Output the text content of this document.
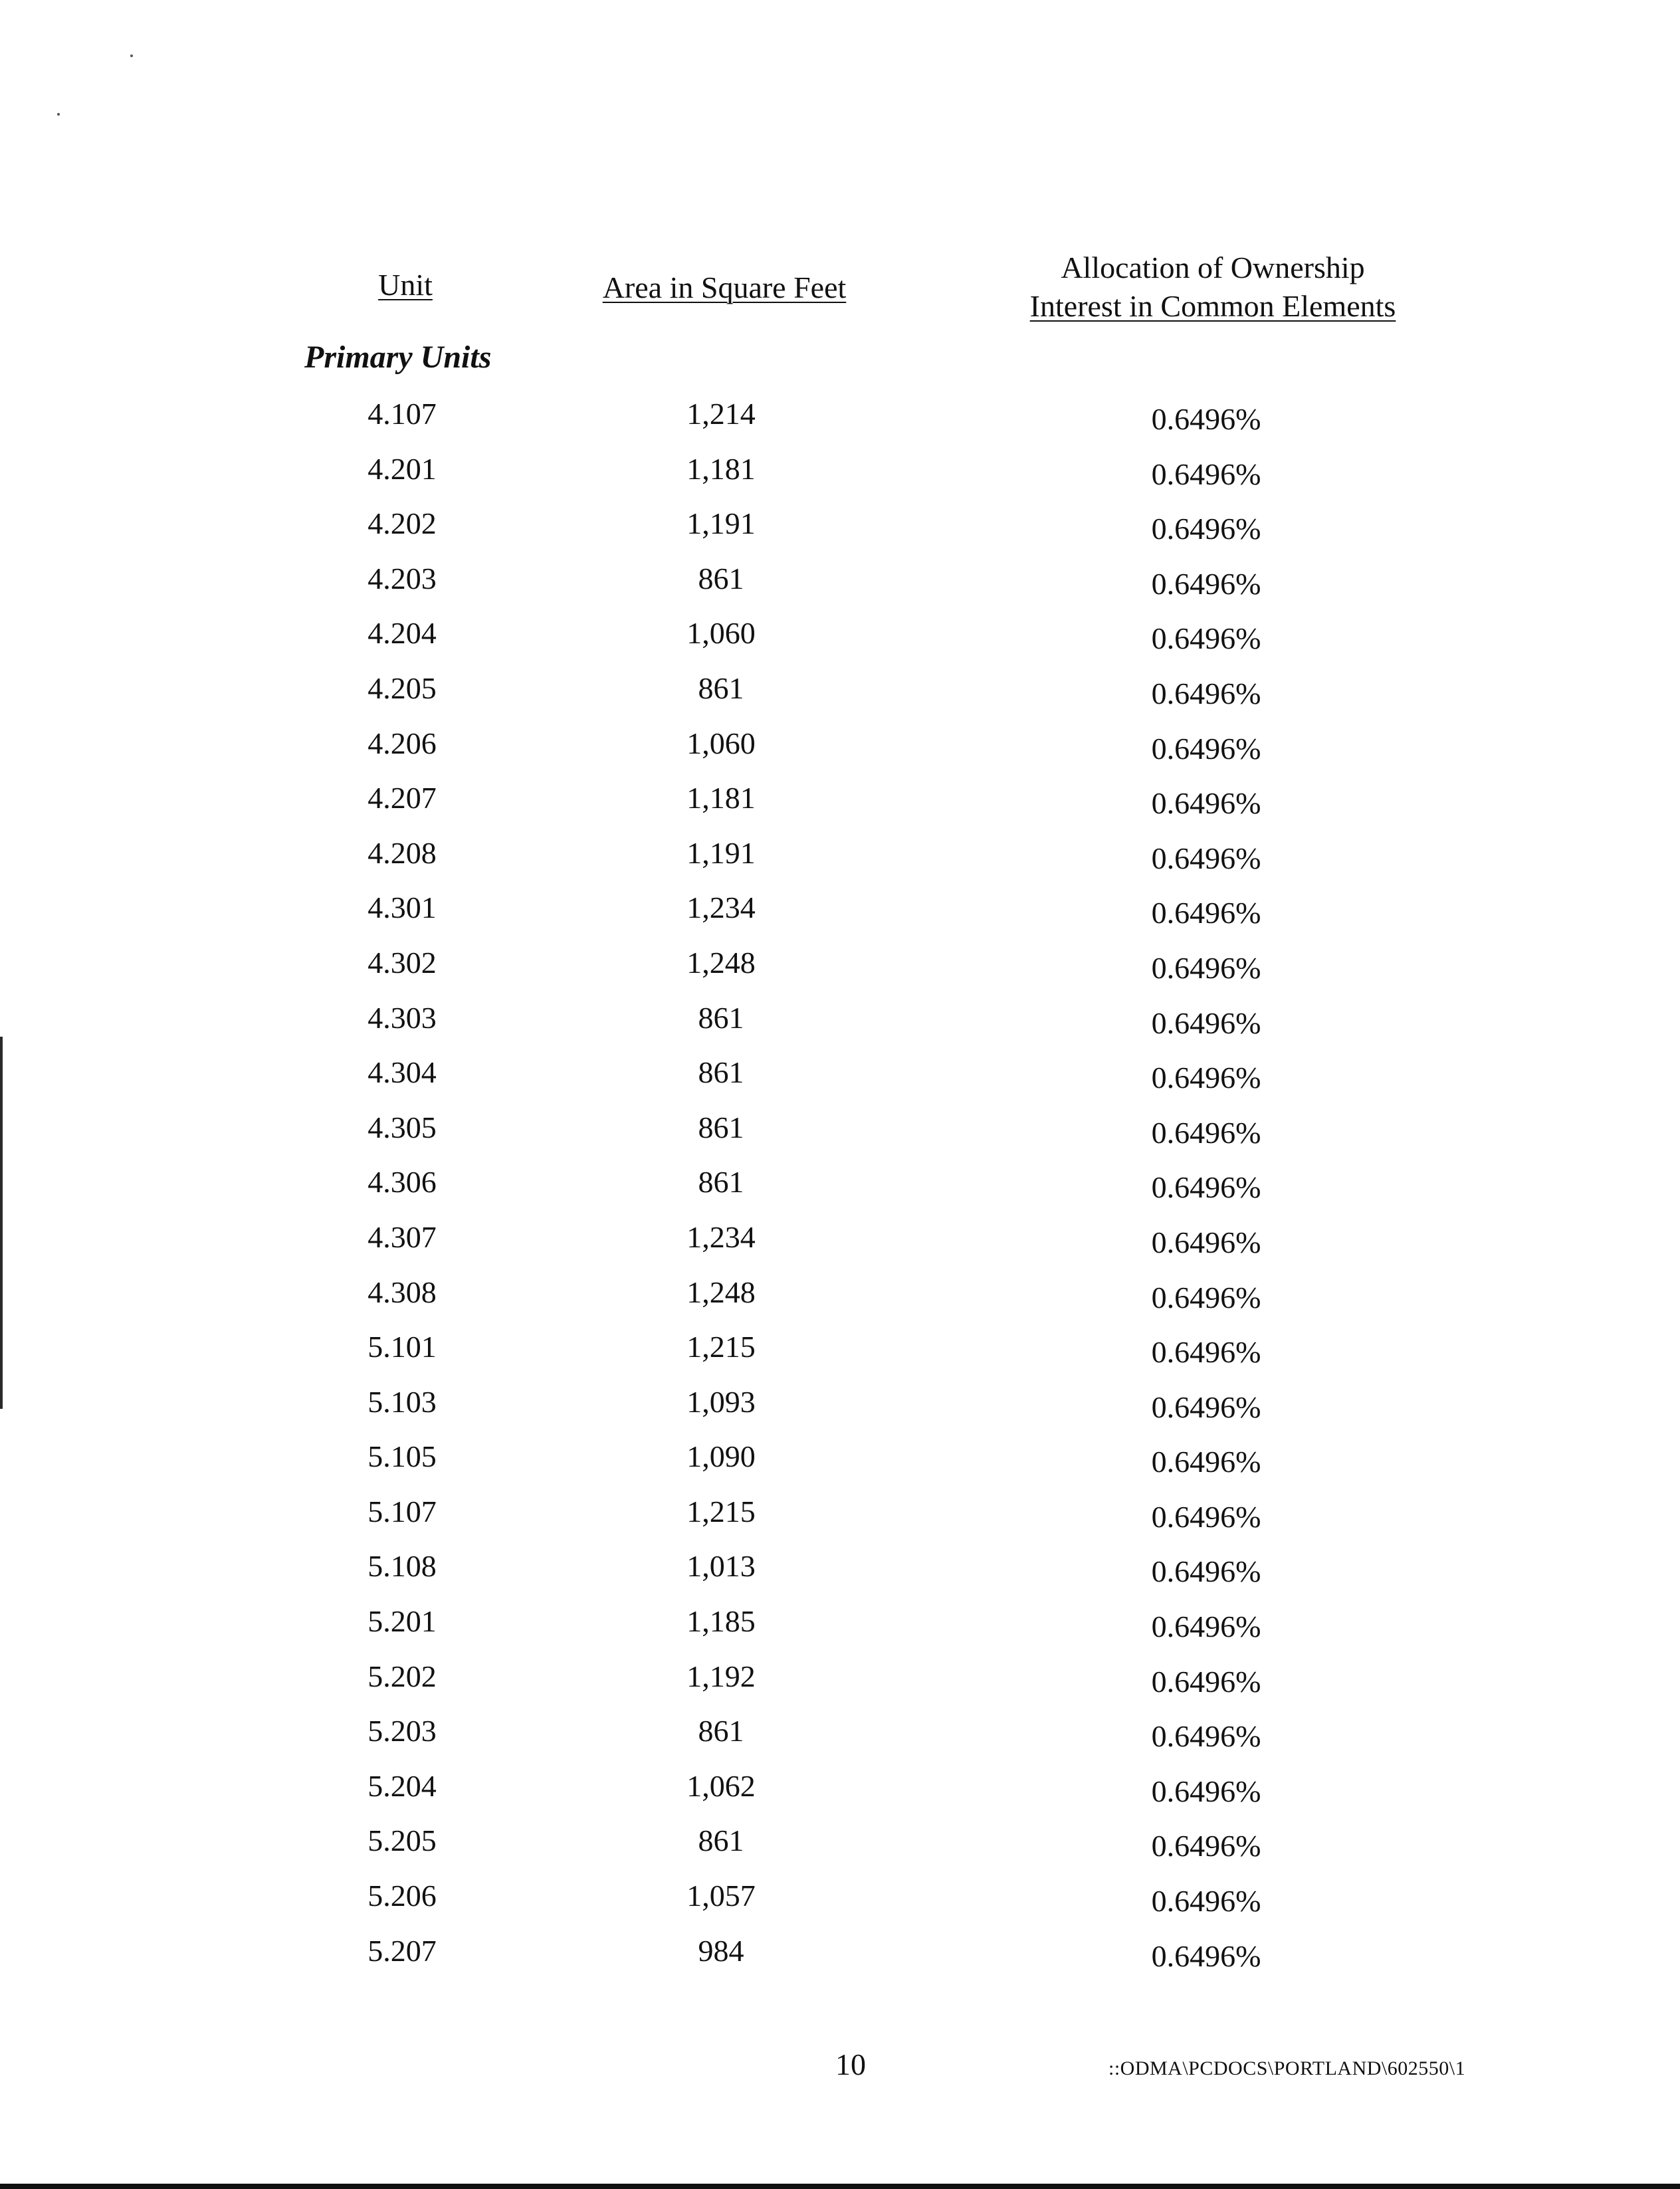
Unit	Area in Square Feet
Allocation of Ownership
Interest in Common Elements
Primary Units
4.107	1,214	0.6496%
4.201	1,181	0.6496%
4.202	1,191	0.6496%
4.203	861	0.6496%
4.204	1,060	0.6496%
4.205	861	0.6496%
4.206	1,060	0.6496%
4.207	1,181	0.6496%
4.208	1,191	0.6496%
4.301	1,234	0.6496%
4.302	1,248	0.6496%
4.303	861	0.6496%
4.304	861	0.6496%
4.305	861	0.6496%
4.306	861	0.6496%
4.307	1,234	0.6496%
4.308	1,248	0.6496%
5.101	1,215	0.6496%
5.103	1,093	0.6496%
5.105	1,090	0.6496%
5.107	1,215	0.6496%
5.108	1,013	0.6496%
5.201	1,185	0.6496%
5.202	1,192	0.6496%
5.203	861	0.6496%
5.204	1,062	0.6496%
5.205	861	0.6496%
5.206	1,057	0.6496%
5.207	984	0.6496%
10	::ODMA\PCDOCS\PORTLAND\602550\1
